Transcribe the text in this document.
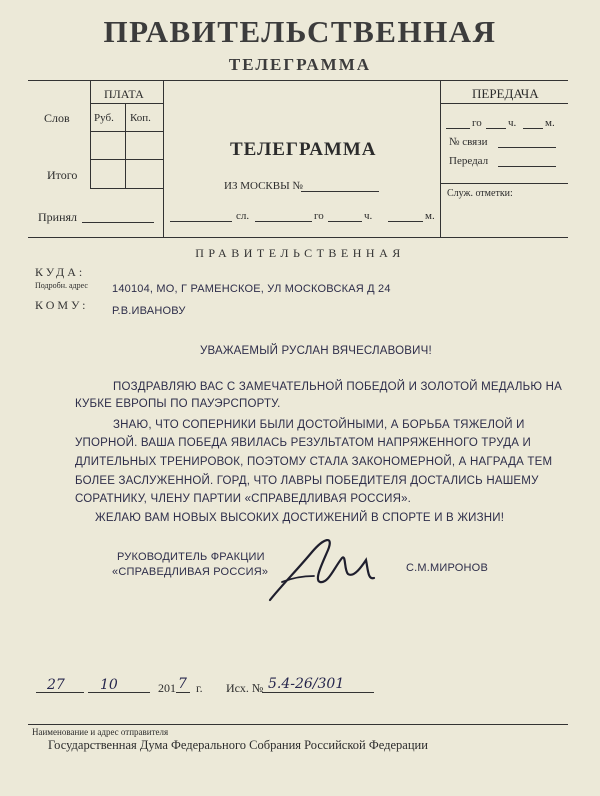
ПРАВИТЕЛЬСТВЕННАЯ
ТЕЛЕГРАММА
ПЛАТА
Слов Руб. Коп.
Итого
Принял
ТЕЛЕГРАММА
ИЗ МОСКВЫ №
сл.	го	ч.	м.
ПЕРЕДАЧА
го ч.	м.
№ связи
Передал
Служ. отметки:
ПРАВИТЕЛЬСТВЕННАЯ
КУДА:
Подробн. адрес 140104, МО, Г РАМЕНСКОЕ, УЛ МОСКОВСКАЯ Д 24
КОМУ: Р.В.ИВАНОВУ
УВАЖАЕМЫЙ РУСЛАН ВЯЧЕСЛАВОВИЧ!
ПОЗДРАВЛЯЮ ВАС С ЗАМЕЧАТЕЛЬНОЙ ПОБЕДОЙ И ЗОЛОТОЙ МЕДАЛЬЮ НА
КУБКЕ ЕВРОПЫ ПО ПАУЭРСПОРТУ.
ЗНАЮ, ЧТО СОПЕРНИКИ БЫЛИ ДОСТОЙНЫМИ, А БОРЬБА ТЯЖЕЛОЙ И
УПОРНОЙ. ВАША ПОБЕДА ЯВИЛАСЬ РЕЗУЛЬТАТОМ НАПРЯЖЕННОГО ТРУДА И
ДЛИТЕЛЬНЫХ ТРЕНИРОВОК, ПОЭТОМУ СТАЛА ЗАКОНОМЕРНОЙ, А НАГРАДА ТЕМ
БОЛЕЕ ЗАСЛУЖЕННОЙ. ГОРД, ЧТО ЛАВРЫ ПОБЕДИТЕЛЯ ДОСТАЛИСЬ НАШЕМУ
СОРАТНИКУ, ЧЛЕНУ ПАРТИИ «СПРАВЕДЛИВАЯ РОССИЯ».
ЖЕЛАЮ ВАМ НОВЫХ ВЫСОКИХ ДОСТИЖЕНИЙ В СПОРТЕ И В ЖИЗНИ!
РУКОВОДИТЕЛЬ ФРАКЦИИ
«СПРАВЕДЛИВАЯ РОССИЯ»	С.М.МИРОНОВ
27	10	201 7 г. Исх. № 5.4-26/301
Наименование и адрес отправителя
Государственная Дума Федерального Собрания Российской Федерации
